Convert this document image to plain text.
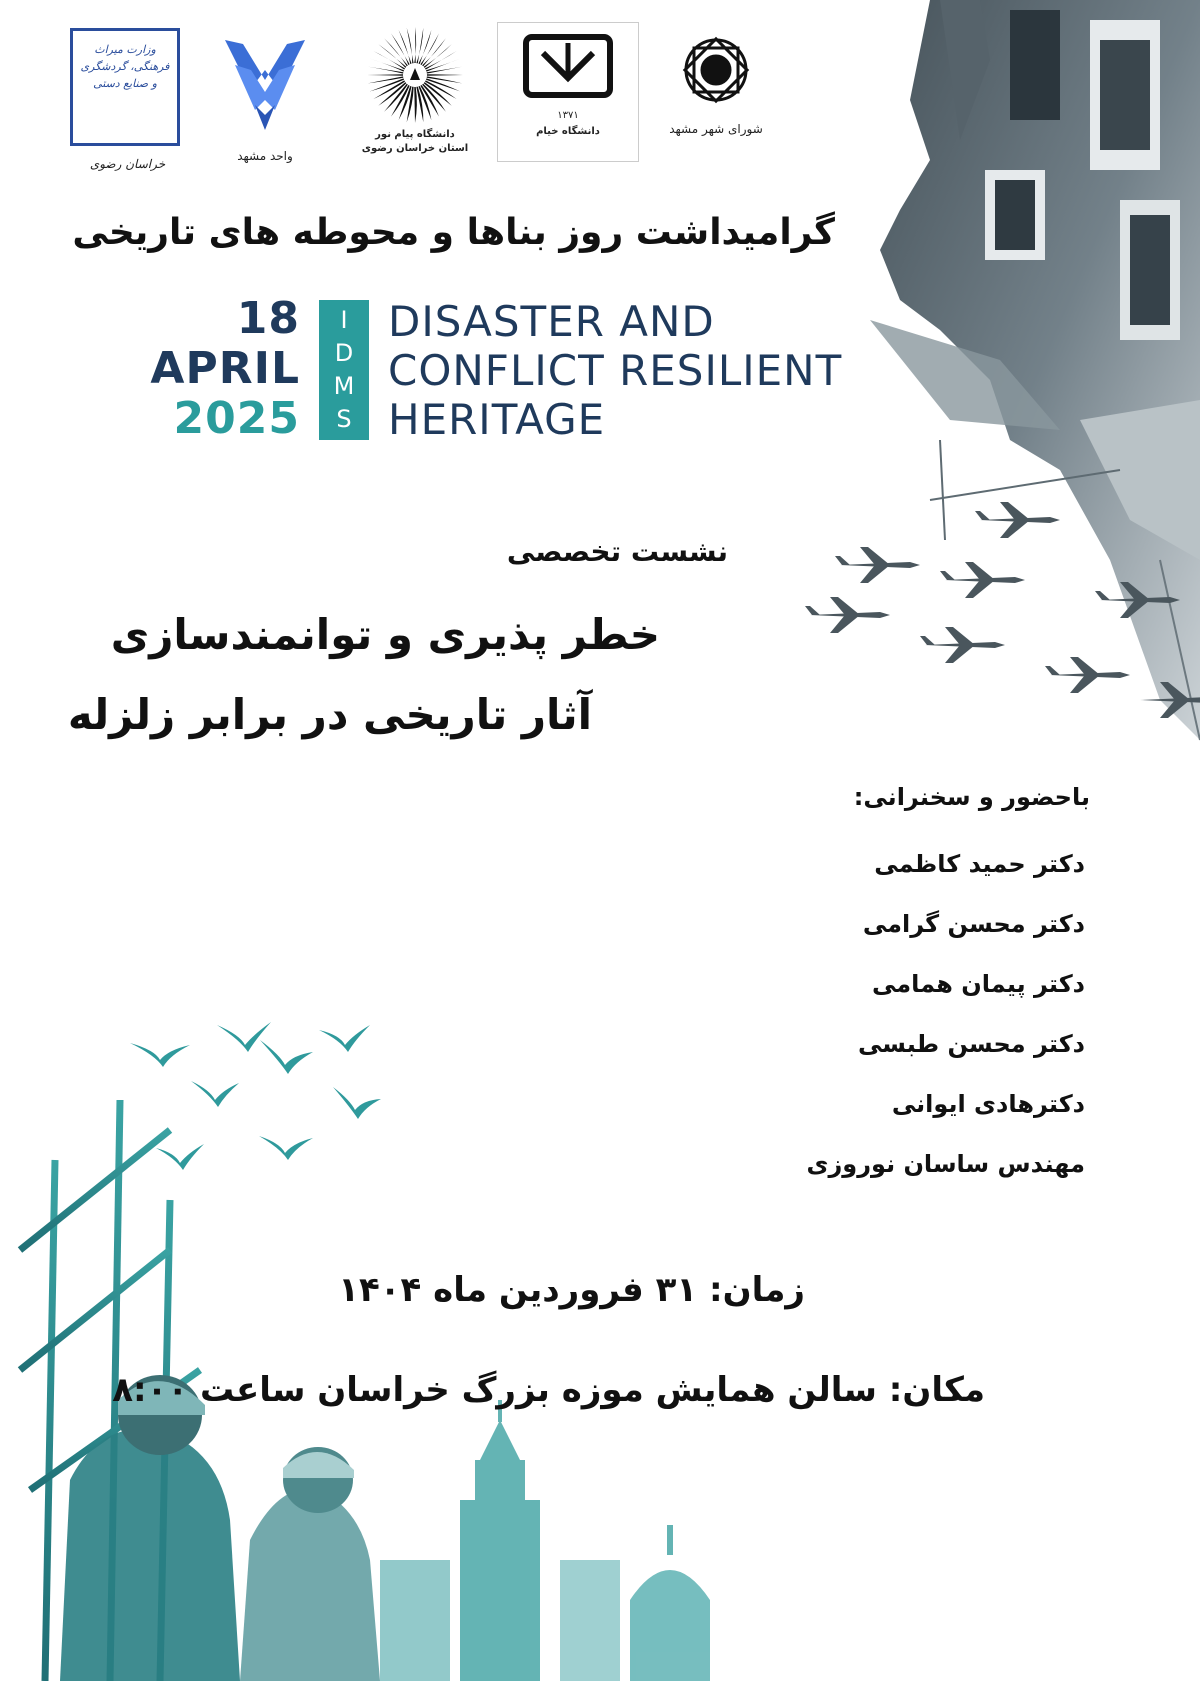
شورای شهر مشهد
١٣٧١
دانشگاه خیام
دانشگاه پیام نور
استان خراسان رضوی
واحد مشهد
وزارت میراث فرهنگی، گردشگری و صنایع دستی
خراسان رضوی
گرامیداشت روز بناها و محوطه های تاریخی
18
APRIL
2025
I
D
M
S
DISASTER AND
CONFLICT RESILIENT
HERITAGE
نشست تخصصی
خطر پذیری و توانمندسازی
آثار تاریخی در برابر زلزله
باحضور و سخنرانی:
دکتر حمید کاظمی
دکتر محسن گرامی
دکتر پیمان همامی
دکتر محسن طبسی
دکترهادی ایوانی
مهندس ساسان نوروزی
زمان: ۳۱ فروردین ماه ۱۴۰۴
مکان: سالن همایش موزه بزرگ خراسان ساعت ۸:۰۰
